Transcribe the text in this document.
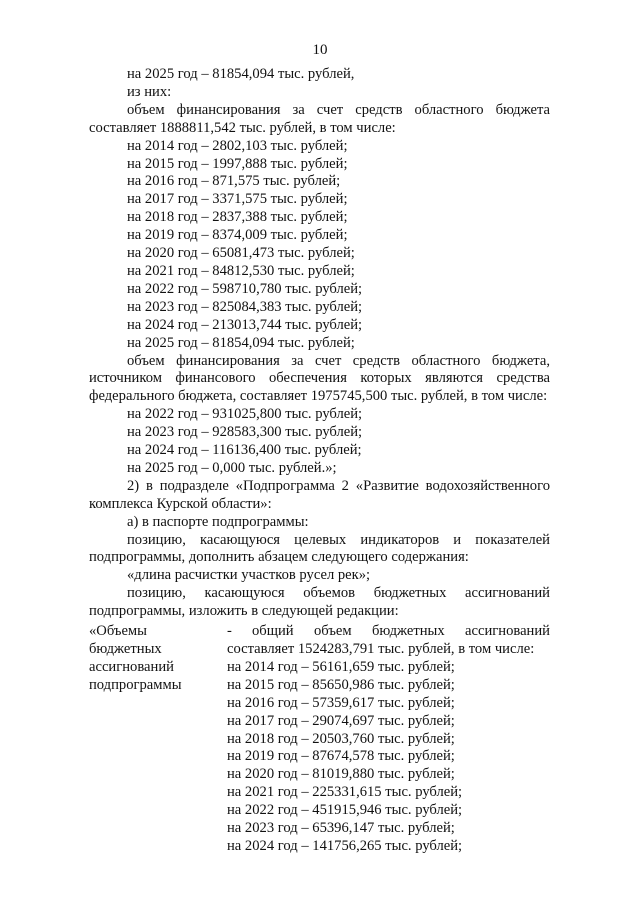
10
на 2025 год – 81854,094 тыс. рублей,
из них:
объем финансирования за счет средств областного бюджета
составляет 1888811,542 тыс. рублей, в том числе:
на 2014 год – 2802,103 тыс. рублей;
на 2015 год – 1997,888 тыс. рублей;
на 2016 год – 871,575 тыс. рублей;
на 2017 год – 3371,575 тыс. рублей;
на 2018 год – 2837,388 тыс. рублей;
на 2019 год – 8374,009 тыс. рублей;
на 2020 год – 65081,473 тыс. рублей;
на 2021 год – 84812,530 тыс. рублей;
на 2022 год – 598710,780 тыс. рублей;
на 2023 год – 825084,383 тыс. рублей;
на 2024 год – 213013,744 тыс. рублей;
на 2025 год – 81854,094 тыс. рублей;
объем финансирования за счет средств областного бюджета,
источником финансового обеспечения которых являются средства
федерального бюджета, составляет 1975745,500 тыс. рублей, в том числе:
на 2022 год – 931025,800 тыс. рублей;
на 2023 год – 928583,300 тыс. рублей;
на 2024 год – 116136,400 тыс. рублей;
на 2025 год – 0,000 тыс. рублей.»;
2) в подразделе «Подпрограмма 2 «Развитие водохозяйственного
комплекса Курской области»:
а) в паспорте подпрограммы:
позицию, касающуюся целевых индикаторов и показателей
подпрограммы, дополнить абзацем следующего содержания:
«длина расчистки участков русел рек»;
позицию, касающуюся объемов бюджетных ассигнований
подпрограммы, изложить в следующей редакции:
«Объемы
бюджетных
ассигнований
подпрограммы
- общий объем бюджетных ассигнований
составляет 1524283,791 тыс. рублей, в том числе:
на 2014 год – 56161,659 тыс. рублей;
на 2015 год – 85650,986 тыс. рублей;
на 2016 год – 57359,617 тыс. рублей;
на 2017 год – 29074,697 тыс. рублей;
на 2018 год – 20503,760 тыс. рублей;
на 2019 год – 87674,578 тыс. рублей;
на 2020 год – 81019,880 тыс. рублей;
на 2021 год – 225331,615 тыс. рублей;
на 2022 год – 451915,946 тыс. рублей;
на 2023 год – 65396,147 тыс. рублей;
на 2024 год – 141756,265 тыс. рублей;
